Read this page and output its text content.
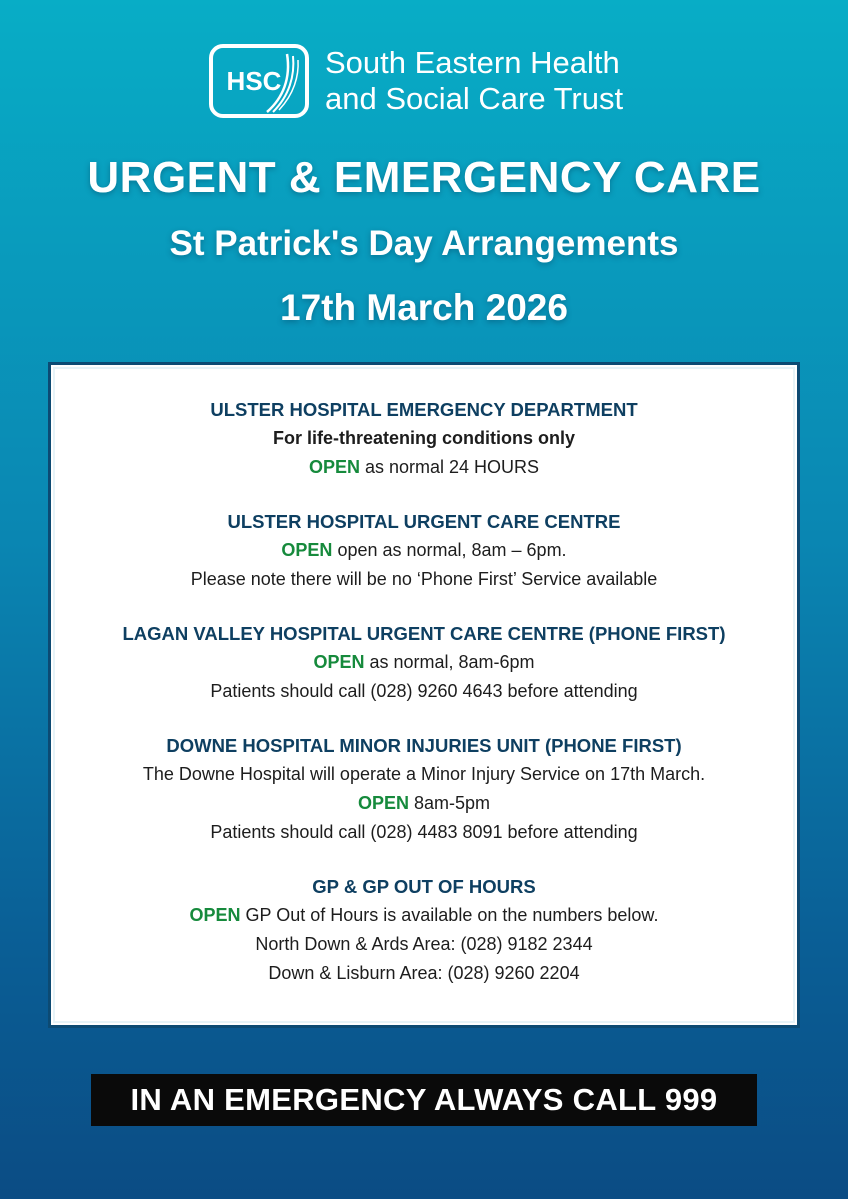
HSC
South Eastern Health
and Social Care Trust
URGENT & EMERGENCY CARE
St Patrick's Day Arrangements
17th March 2026
ULSTER HOSPITAL EMERGENCY DEPARTMENT
For life-threatening conditions only
OPEN as normal 24 HOURS
ULSTER HOSPITAL URGENT CARE CENTRE
OPEN open as normal, 8am – 6pm.
Please note there will be no ‘Phone First’ Service available
LAGAN VALLEY HOSPITAL URGENT CARE CENTRE (PHONE FIRST)
OPEN as normal, 8am-6pm
Patients should call (028) 9260 4643 before attending
DOWNE HOSPITAL MINOR INJURIES UNIT (PHONE FIRST)
The Downe Hospital will operate a Minor Injury Service on 17th March.
OPEN 8am-5pm
Patients should call (028) 4483 8091 before attending
GP & GP OUT OF HOURS
OPEN GP Out of Hours is available on the numbers below.
North Down & Ards Area: (028) 9182 2344
Down & Lisburn Area: (028) 9260 2204
IN AN EMERGENCY ALWAYS CALL 999
